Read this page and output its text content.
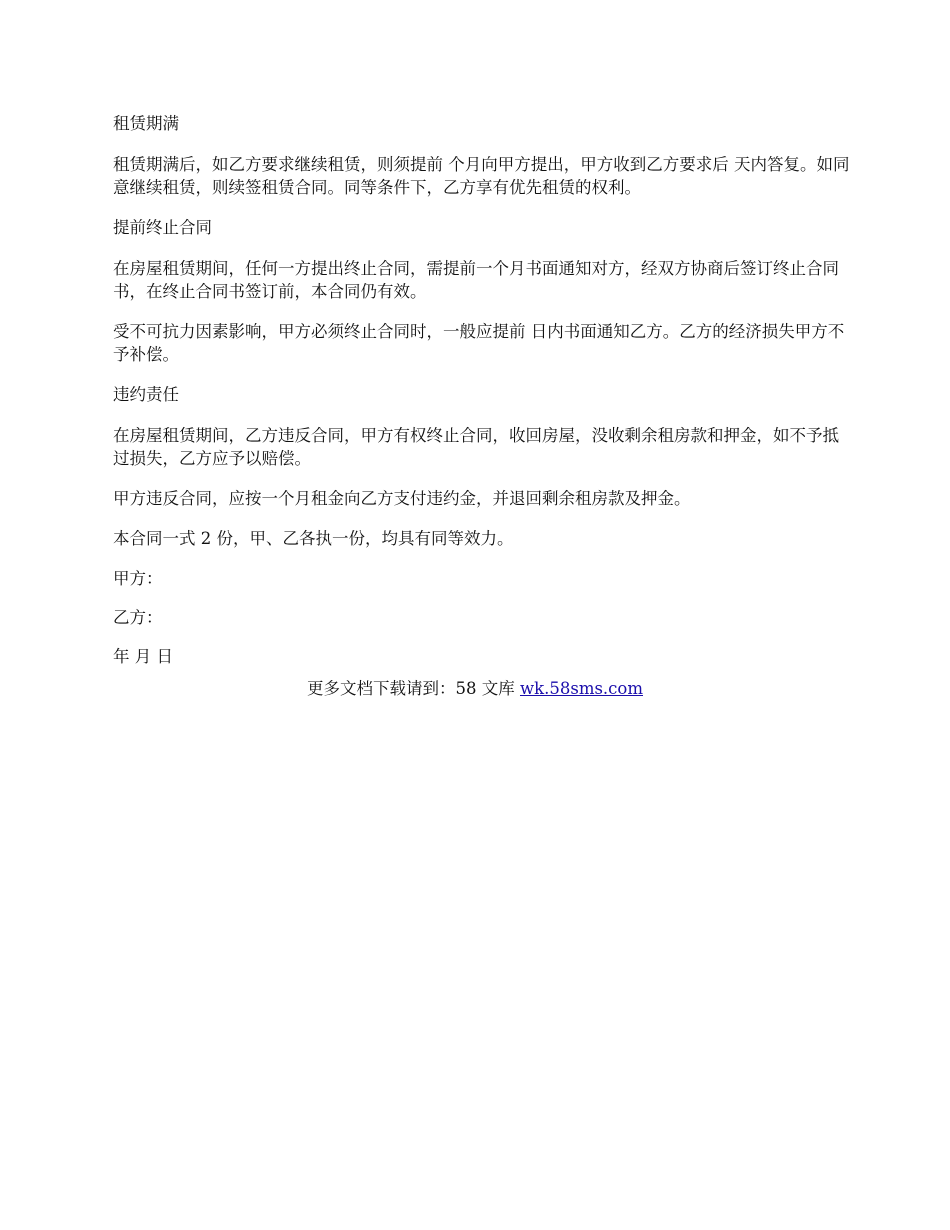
租赁期满

租赁期满后，如乙方要求继续租赁，则须提前 个月向甲方提出，甲方收到乙方要求后 天内答复。如同意继续租赁，则续签租赁合同。同等条件下，乙方享有优先租赁的权利。

提前终止合同

在房屋租赁期间，任何一方提出终止合同，需提前一个月书面通知对方，经双方协商后签订终止合同书，在终止合同书签订前，本合同仍有效。

受不可抗力因素影响，甲方必须终止合同时，一般应提前 日内书面通知乙方。乙方的经济损失甲方不予补偿。

违约责任

在房屋租赁期间，乙方违反合同，甲方有权终止合同，收回房屋，没收剩余租房款和押金，如不予抵过损失，乙方应予以赔偿。

甲方违反合同，应按一个月租金向乙方支付违约金，并退回剩余租房款及押金。

本合同一式 2 份，甲、乙各执一份，均具有同等效力。

甲方：

乙方：

年 月 日

更多文档下载请到：58 文库 wk.58sms.com
